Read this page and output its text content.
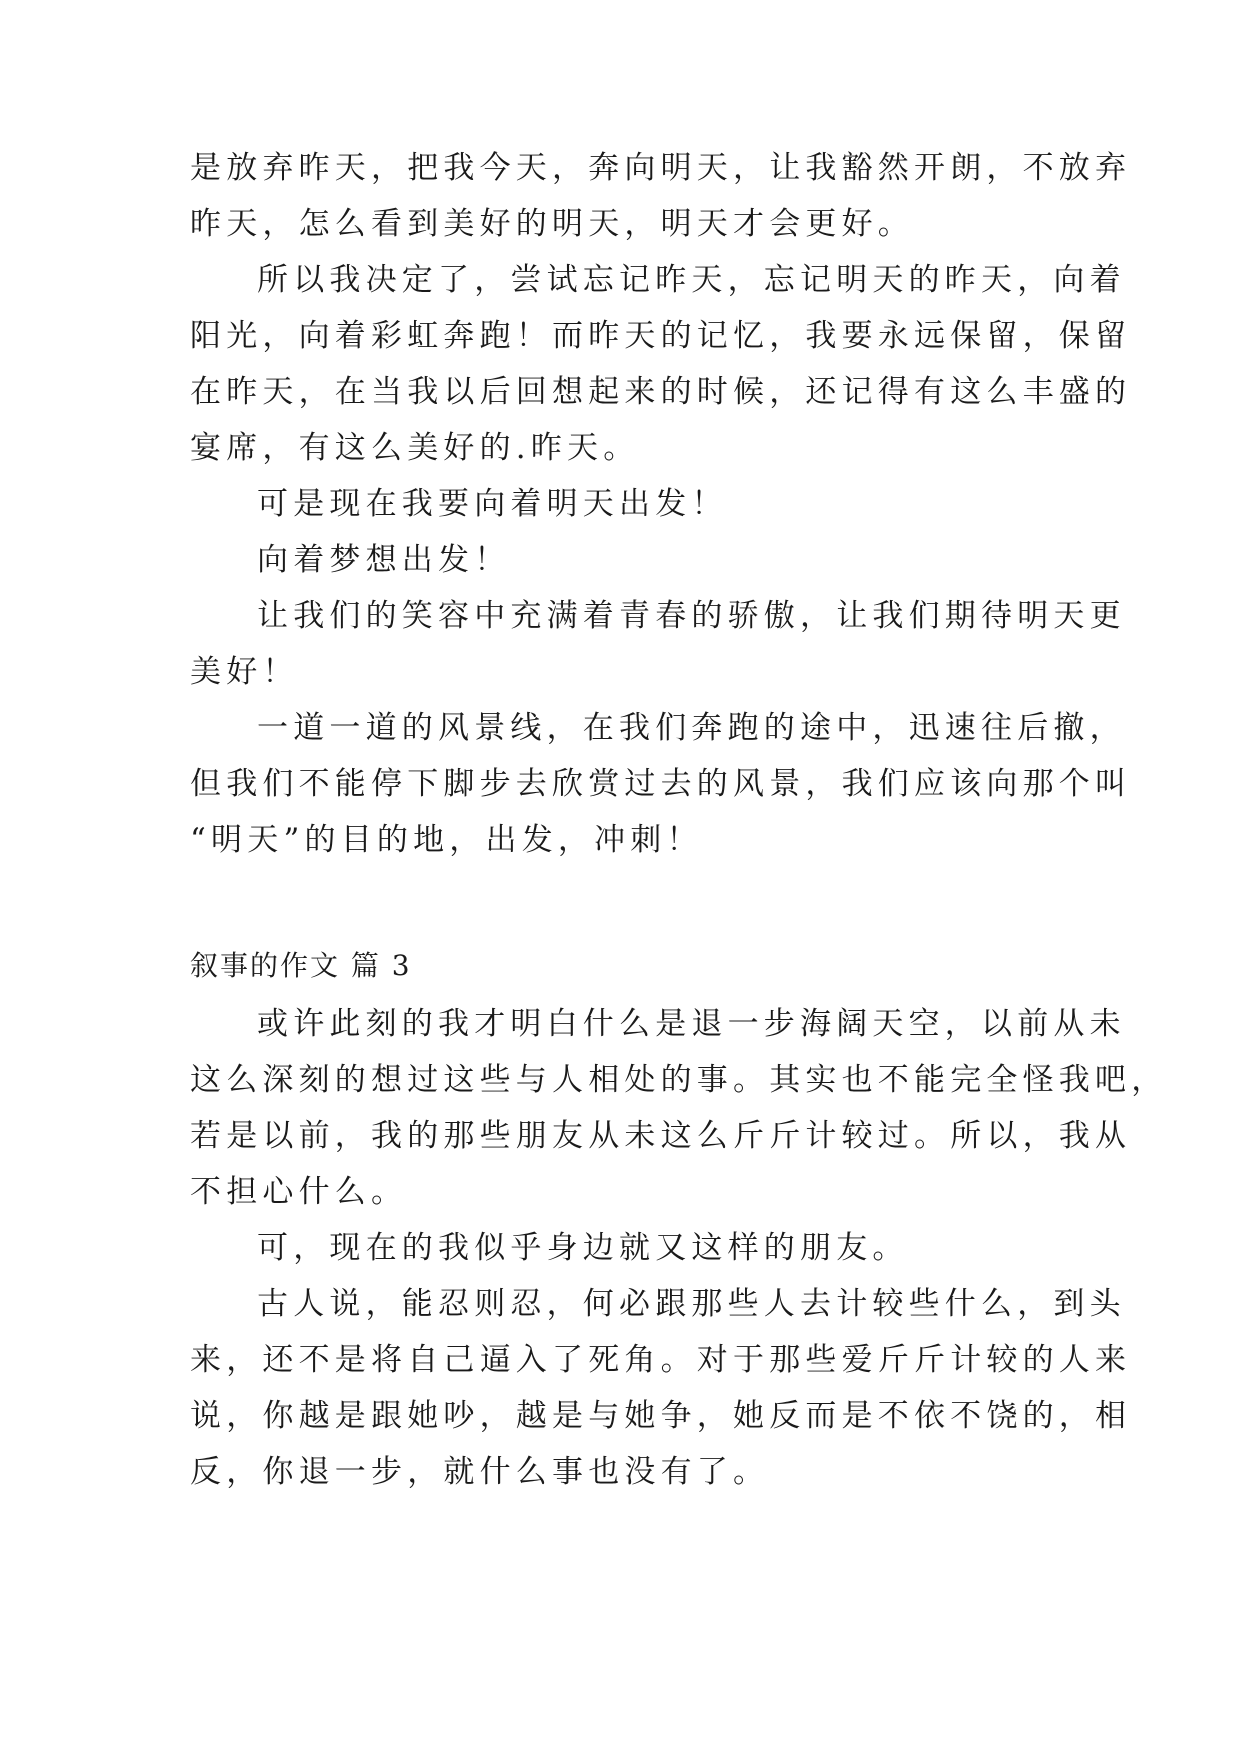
是放弃昨天，把我今天，奔向明天，让我豁然开朗，不放弃
昨天，怎么看到美好的明天，明天才会更好。
所以我决定了，尝试忘记昨天，忘记明天的昨天，向着
阳光，向着彩虹奔跑！而昨天的记忆，我要永远保留，保留
在昨天，在当我以后回想起来的时候，还记得有这么丰盛的
宴席，有这么美好的.昨天。
可是现在我要向着明天出发！
向着梦想出发！
让我们的笑容中充满着青春的骄傲，让我们期待明天更
美好！
一道一道的风景线，在我们奔跑的途中，迅速往后撤，
但我们不能停下脚步去欣赏过去的风景，我们应该向那个叫
“明天”的目的地，出发，冲刺！
叙事的作文 篇 3
或许此刻的我才明白什么是退一步海阔天空，以前从未
这么深刻的想过这些与人相处的事。其实也不能完全怪我吧，
若是以前，我的那些朋友从未这么斤斤计较过。所以，我从
不担心什么。
可，现在的我似乎身边就又这样的朋友。
古人说，能忍则忍，何必跟那些人去计较些什么，到头
来，还不是将自己逼入了死角。对于那些爱斤斤计较的人来
说，你越是跟她吵，越是与她争，她反而是不依不饶的，相
反，你退一步，就什么事也没有了。
